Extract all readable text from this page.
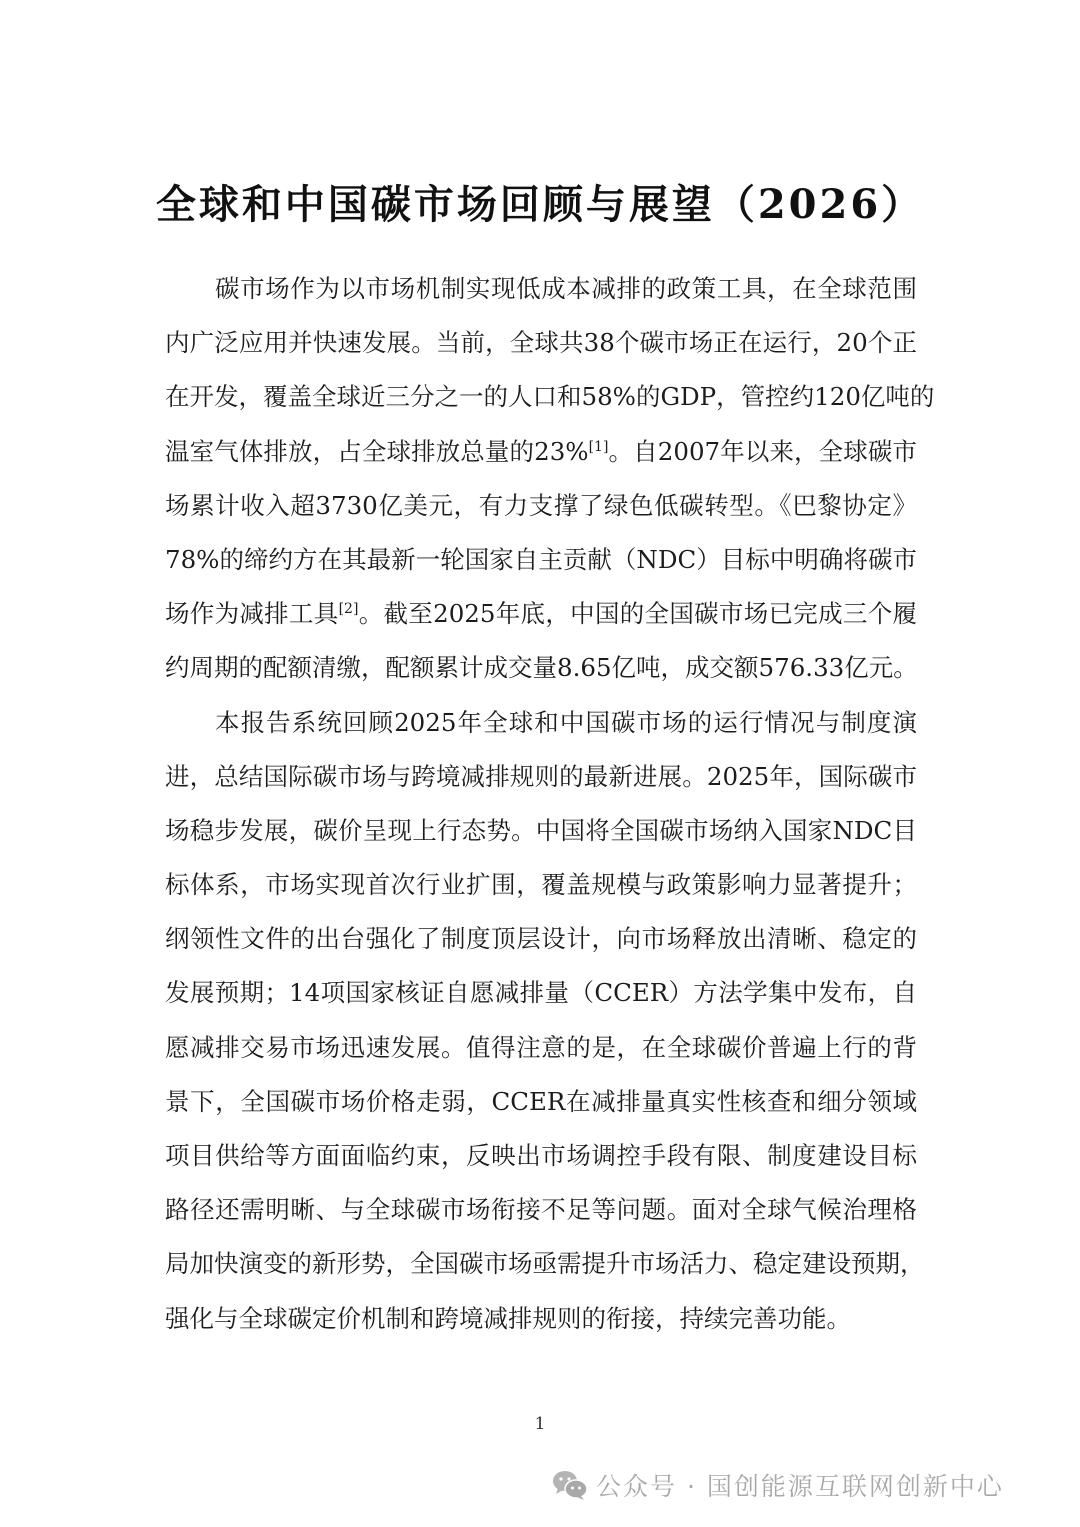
全球和中国碳市场回顾与展望（2026）
碳市场作为以市场机制实现低成本减排的政策工具，在全球范围
内广泛应用并快速发展。当前，全球共38个碳市场正在运行，20个正
在开发，覆盖全球近三分之一的人口和58%的GDP，管控约120亿吨的
温室气体排放，占全球排放总量的23%[1]。自2007年以来，全球碳市
场累计收入超3730亿美元，有力支撑了绿色低碳转型。《巴黎协定》
78%的缔约方在其最新一轮国家自主贡献（NDC）目标中明确将碳市
场作为减排工具[2]。截至2025年底，中国的全国碳市场已完成三个履
约周期的配额清缴，配额累计成交量8.65亿吨，成交额576.33亿元。
本报告系统回顾2025年全球和中国碳市场的运行情况与制度演
进，总结国际碳市场与跨境减排规则的最新进展。2025年，国际碳市
场稳步发展，碳价呈现上行态势。中国将全国碳市场纳入国家NDC目
标体系，市场实现首次行业扩围，覆盖规模与政策影响力显著提升；
纲领性文件的出台强化了制度顶层设计，向市场释放出清晰、稳定的
发展预期；14项国家核证自愿减排量（CCER）方法学集中发布，自
愿减排交易市场迅速发展。值得注意的是，在全球碳价普遍上行的背
景下，全国碳市场价格走弱，CCER在减排量真实性核查和细分领域
项目供给等方面面临约束，反映出市场调控手段有限、制度建设目标
路径还需明晰、与全球碳市场衔接不足等问题。面对全球气候治理格
局加快演变的新形势，全国碳市场亟需提升市场活力、稳定建设预期，
强化与全球碳定价机制和跨境减排规则的衔接，持续完善功能。
1
公众号 · 国创能源互联网创新中心
